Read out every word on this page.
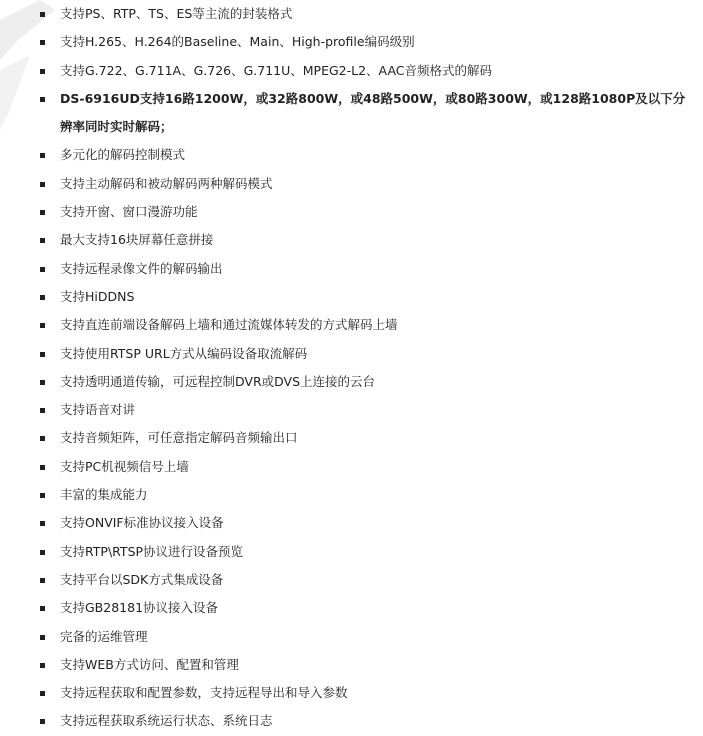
支持PS、RTP、TS、ES等主流的封装格式
支持H.265、H.264的Baseline、Main、High-profile编码级别
支持G.722、G.711A、G.726、G.711U、MPEG2-L2、AAC音频格式的解码
DS-6916UD支持16路1200W，或32路800W，或48路500W，或80路300W，或128路1080P及以下分辨率同时实时解码；
多元化的解码控制模式
支持主动解码和被动解码两种解码模式
支持开窗、窗口漫游功能
最大支持16块屏幕任意拼接
支持远程录像文件的解码输出
支持HiDDNS
支持直连前端设备解码上墙和通过流媒体转发的方式解码上墙
支持使用RTSP URL方式从编码设备取流解码
支持透明通道传输，可远程控制DVR或DVS上连接的云台
支持语音对讲
支持音频矩阵，可任意指定解码音频输出口
支持PC机视频信号上墙
丰富的集成能力
支持ONVIF标准协议接入设备
支持RTP\RTSP协议进行设备预览
支持平台以SDK方式集成设备
支持GB28181协议接入设备
完备的运维管理
支持WEB方式访问、配置和管理
支持远程获取和配置参数，支持远程导出和导入参数
支持远程获取系统运行状态、系统日志
